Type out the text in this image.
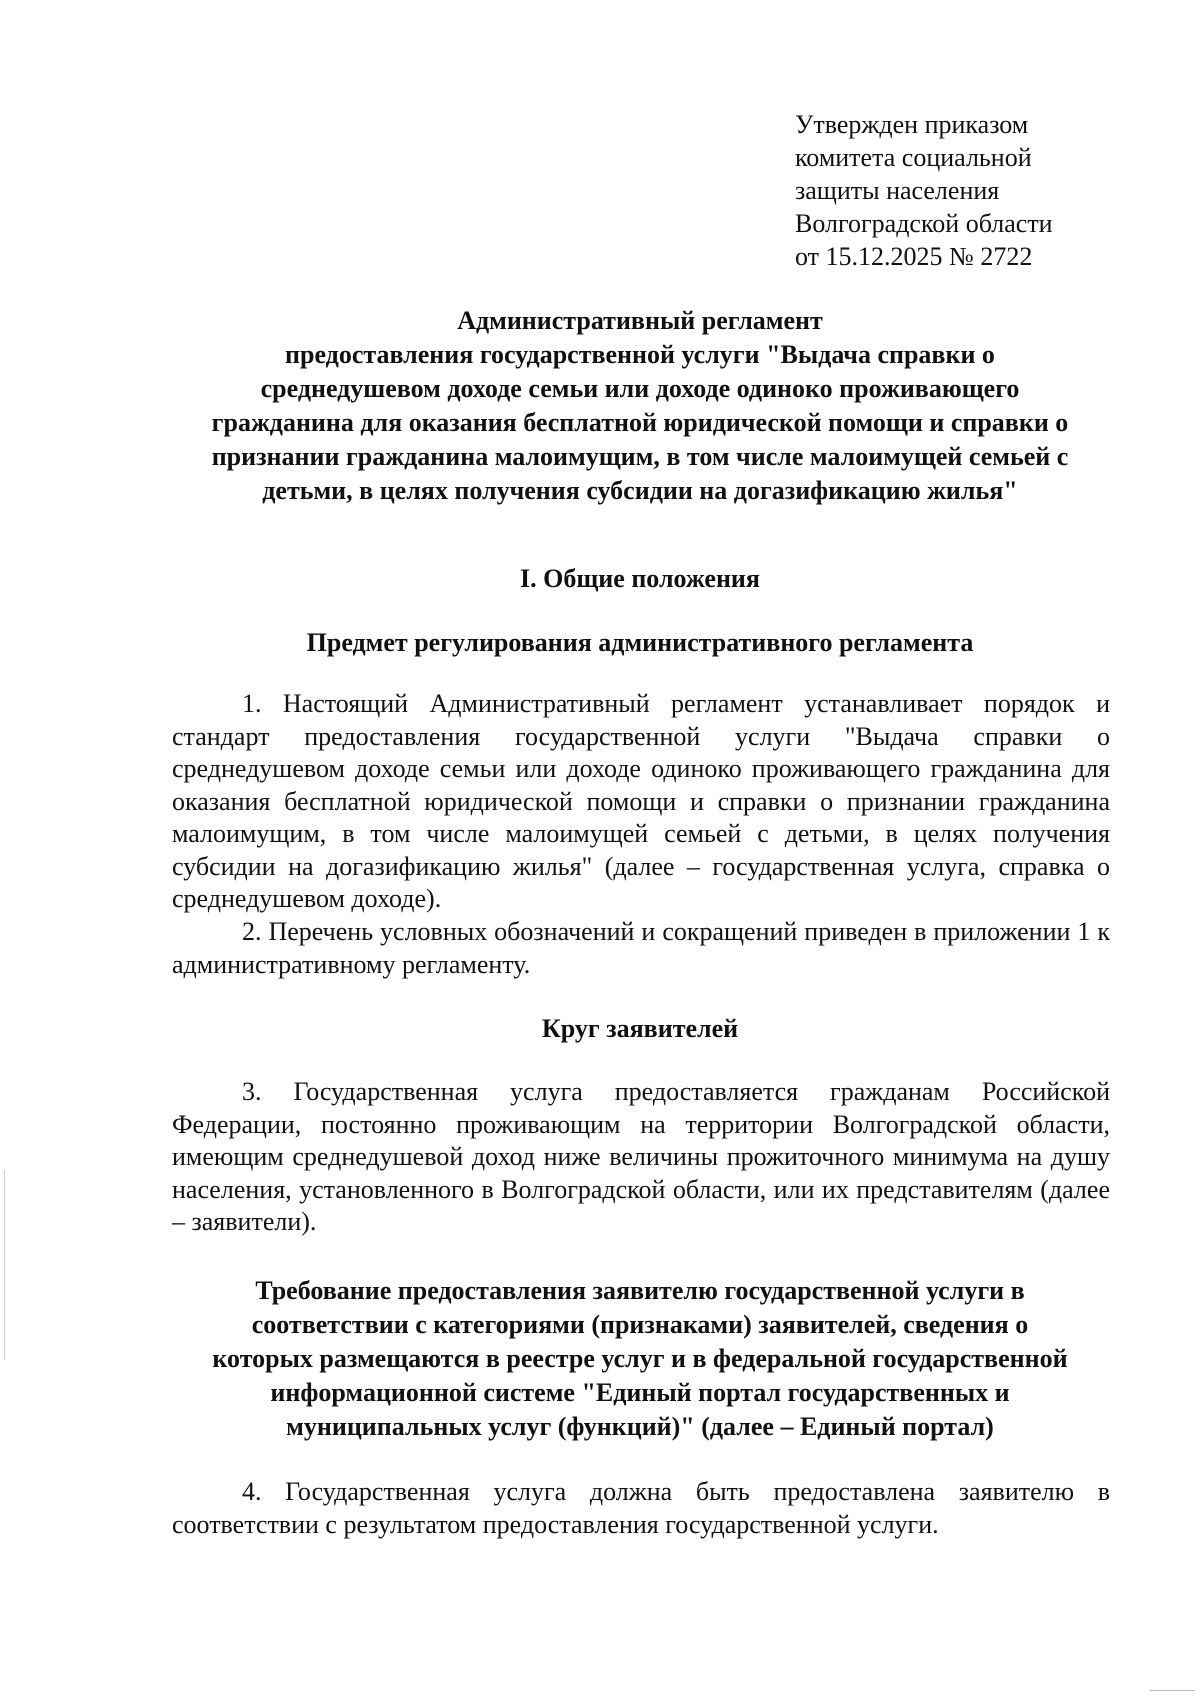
Утвержден приказом
комитета социальной
защиты населения
Волгоградской области
от 15.12.2025 № 2722
Административный регламент
предоставления государственной услуги "Выдача справки о
среднедушевом доходе семьи или доходе одиноко проживающего
гражданина для оказания бесплатной юридической помощи и справки о
признании гражданина малоимущим, в том числе малоимущей семьей с
детьми, в целях получения субсидии на догазификацию жилья"
I. Общие положения
Предмет регулирования административного регламента
1. Настоящий Административный регламент устанавливает порядок и стандарт предоставления государственной услуги "Выдача справки о среднедушевом доходе семьи или доходе одиноко проживающего гражданина для оказания бесплатной юридической помощи и справки о признании гражданина малоимущим, в том числе малоимущей семьей с детьми, в целях получения субсидии на догазификацию жилья" (далее – государственная услуга, справка о среднедушевом доходе).
2. Перечень условных обозначений и сокращений приведен в приложении 1 к административному регламенту.
Круг заявителей
3. Государственная услуга предоставляется гражданам Российской Федерации, постоянно проживающим на территории Волгоградской области, имеющим среднедушевой доход ниже величины прожиточного минимума на душу населения, установленного в Волгоградской области, или их представителям (далее – заявители).
Требование предоставления заявителю государственной услуги в
соответствии с категориями (признаками) заявителей, сведения о
которых размещаются в реестре услуг и в федеральной государственной
информационной системе "Единый портал государственных и
муниципальных услуг (функций)" (далее – Единый портал)
4. Государственная услуга должна быть предоставлена заявителю в соответствии с результатом предоставления государственной услуги.
